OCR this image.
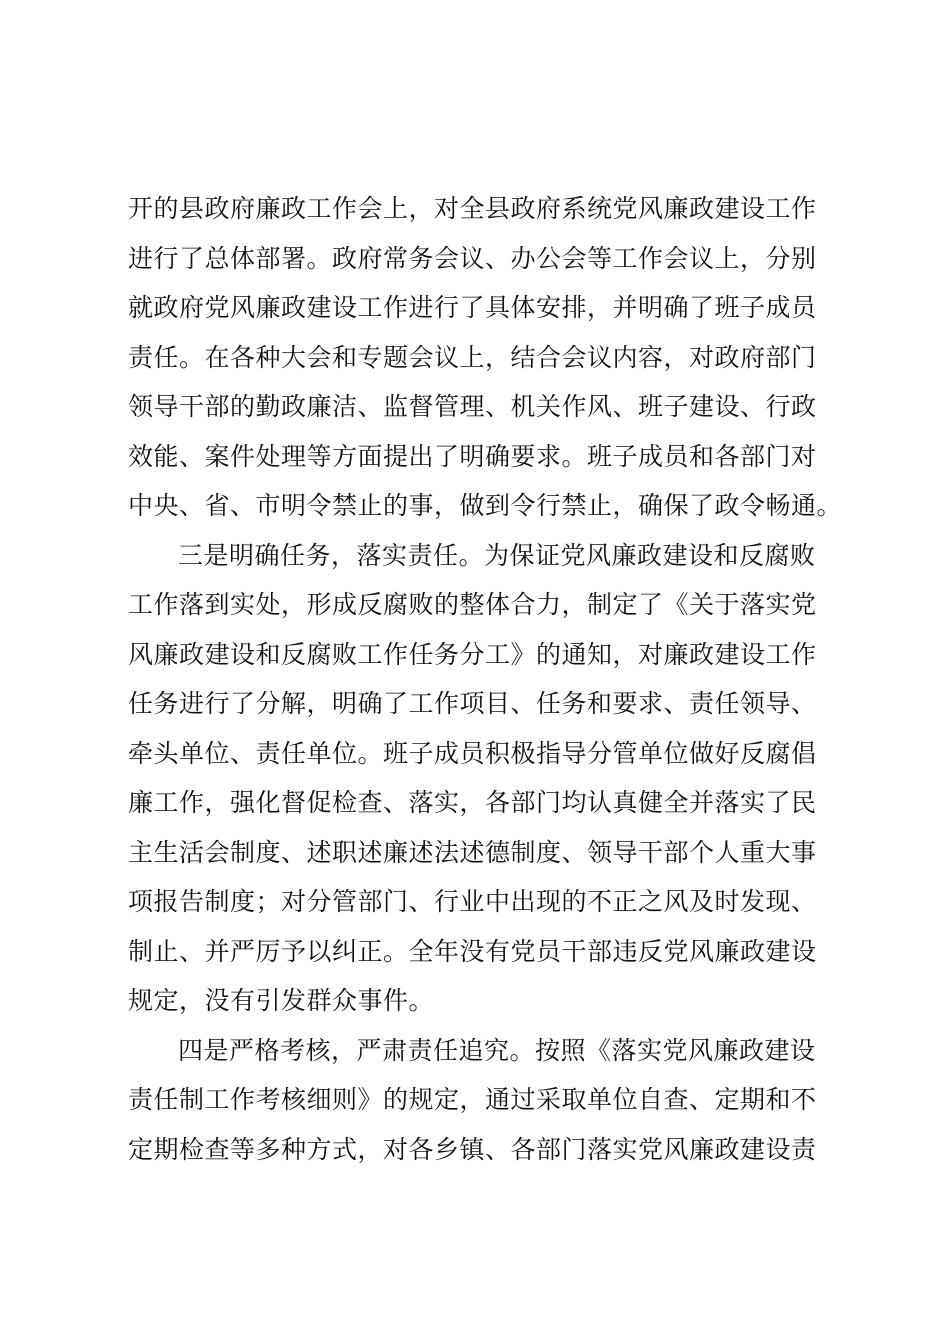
开的县政府廉政工作会上，对全县政府系统党风廉政建设工作
进行了总体部署。政府常务会议、办公会等工作会议上，分别
就政府党风廉政建设工作进行了具体安排，并明确了班子成员
责任。在各种大会和专题会议上，结合会议内容，对政府部门
领导干部的勤政廉洁、监督管理、机关作风、班子建设、行政
效能、案件处理等方面提出了明确要求。班子成员和各部门对
中央、省、市明令禁止的事，做到令行禁止，确保了政令畅通。
三是明确任务，落实责任。为保证党风廉政建设和反腐败
工作落到实处，形成反腐败的整体合力，制定了《关于落实党
风廉政建设和反腐败工作任务分工》的通知，对廉政建设工作
任务进行了分解，明确了工作项目、任务和要求、责任领导、
牵头单位、责任单位。班子成员积极指导分管单位做好反腐倡
廉工作，强化督促检查、落实，各部门均认真健全并落实了民
主生活会制度、述职述廉述法述德制度、领导干部个人重大事
项报告制度；对分管部门、行业中出现的不正之风及时发现、
制止、并严厉予以纠正。全年没有党员干部违反党风廉政建设
规定，没有引发群众事件。
四是严格考核，严肃责任追究。按照《落实党风廉政建设
责任制工作考核细则》的规定，通过采取单位自查、定期和不
定期检查等多种方式，对各乡镇、各部门落实党风廉政建设责
